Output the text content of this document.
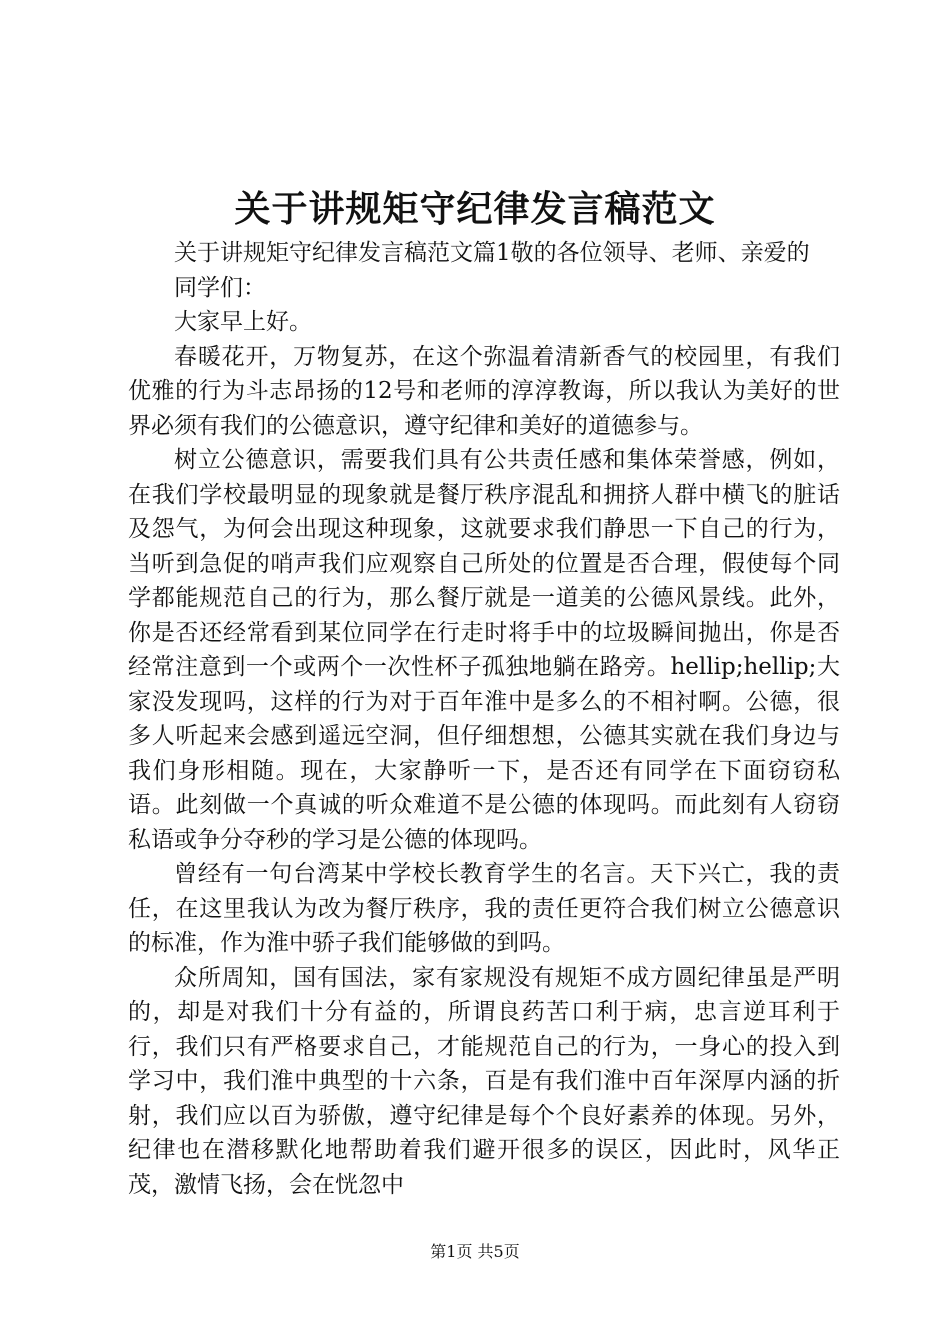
关于讲规矩守纪律发言稿范文

关于讲规矩守纪律发言稿范文篇1敬的各位领导、老师、亲爱的

同学们：

大家早上好。

春暖花开，万物复苏，在这个弥温着清新香气的校园里，有我们优雅的行为斗志昂扬的12号和老师的淳淳教诲，所以我认为美好的世界必须有我们的公德意识，遵守纪律和美好的道德参与。

树立公德意识，需要我们具有公共责任感和集体荣誉感，例如，在我们学校最明显的现象就是餐厅秩序混乱和拥挤人群中横飞的脏话及怨气，为何会出现这种现象，这就要求我们静思一下自己的行为，当听到急促的哨声我们应观察自己所处的位置是否合理，假使每个同学都能规范自己的行为，那么餐厅就是一道美的公德风景线。此外，你是否还经常看到某位同学在行走时将手中的垃圾瞬间抛出，你是否经常注意到一个或两个一次性杯子孤独地躺在路旁。hellip;hellip;大家没发现吗，这样的行为对于百年淮中是多么的不相衬啊。公德，很多人听起来会感到遥远空洞，但仔细想想，公德其实就在我们身边与我们身形相随。现在，大家静听一下，是否还有同学在下面窃窃私语。此刻做一个真诚的听众难道不是公德的体现吗。而此刻有人窃窃私语或争分夺秒的学习是公德的体现吗。

曾经有一句台湾某中学校长教育学生的名言。天下兴亡，我的责任，在这里我认为改为餐厅秩序，我的责任更符合我们树立公德意识的标准，作为淮中骄子我们能够做的到吗。

众所周知，国有国法，家有家规没有规矩不成方圆纪律虽是严明的，却是对我们十分有益的，所谓良药苦口利于病，忠言逆耳利于行，我们只有严格要求自己，才能规范自己的行为，一身心的投入到学习中，我们淮中典型的十六条，百是有我们淮中百年深厚内涵的折射，我们应以百为骄傲，遵守纪律是每个个良好素养的体现。另外，纪律也在潜移默化地帮助着我们避开很多的误区，因此时，风华正茂，激情飞扬，会在恍忽中

第1页 共5页
